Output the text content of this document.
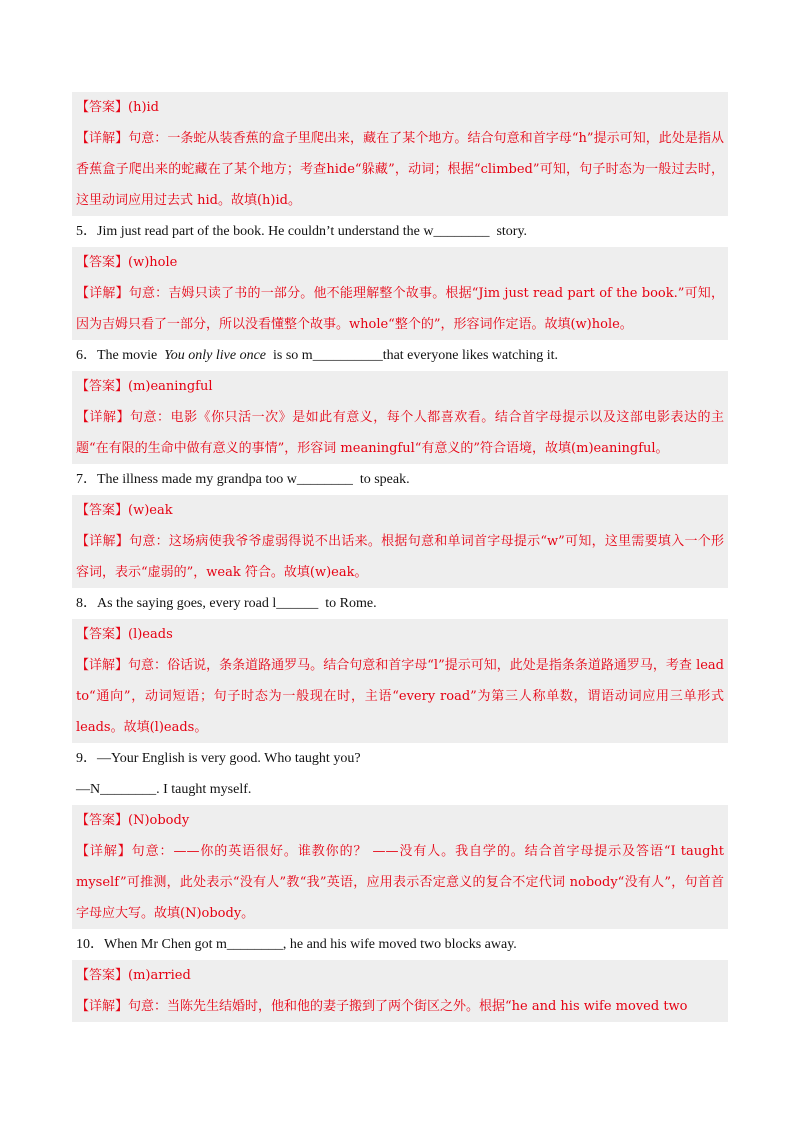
【答案】(h)id

【详解】句意：一条蛇从装香蕉的盒子里爬出来，藏在了某个地方。结合句意和首字母“h”提示可知，此处是指从香蕉盒子爬出来的蛇藏在了某个地方；考查hide“躲藏”，动词；根据“climbed”可知，句子时态为一般过去时，这里动词应用过去式 hid。故填(h)id。

5．Jim just read part of the book. He couldn’t understand the w________  story.

【答案】(w)hole

【详解】句意：吉姆只读了书的一部分。他不能理解整个故事。根据“Jim just read part of the book.”可知，因为吉姆只看了一部分，所以没看懂整个故事。whole“整个的”，形容词作定语。故填(w)hole。

6．The movie  You only live once  is so m__________that everyone likes watching it.

【答案】(m)eaningful

【详解】句意：电影《你只活一次》是如此有意义，每个人都喜欢看。结合首字母提示以及这部电影表达的主题“在有限的生命中做有意义的事情”，形容词 meaningful“有意义的”符合语境，故填(m)eaningful。

7．The illness made my grandpa too w________  to speak.

【答案】(w)eak

【详解】句意：这场病使我爷爷虚弱得说不出话来。根据句意和单词首字母提示“w”可知，这里需要填入一个形容词，表示“虚弱的”，weak 符合。故填(w)eak。

8．As the saying goes, every road l______  to Rome.

【答案】(l)eads

【详解】句意：俗话说，条条道路通罗马。结合句意和首字母“l”提示可知，此处是指条条道路通罗马，考查 lead to“通向”，动词短语；句子时态为一般现在时，主语“every road”为第三人称单数，谓语动词应用三单形式 leads。故填(l)eads。

9．—Your English is very good. Who taught you?

—N________. I taught myself.

【答案】(N)obody

【详解】句意：——你的英语很好。谁教你的？ ——没有人。我自学的。结合首字母提示及答语“I taught myself”可推测，此处表示“没有人”教“我”英语，应用表示否定意义的复合不定代词 nobody“没有人”，句首首字母应大写。故填(N)obody。

10．When Mr Chen got m________, he and his wife moved two blocks away.

【答案】(m)arried

【详解】句意：当陈先生结婚时，他和他的妻子搬到了两个街区之外。根据“he and his wife moved two
